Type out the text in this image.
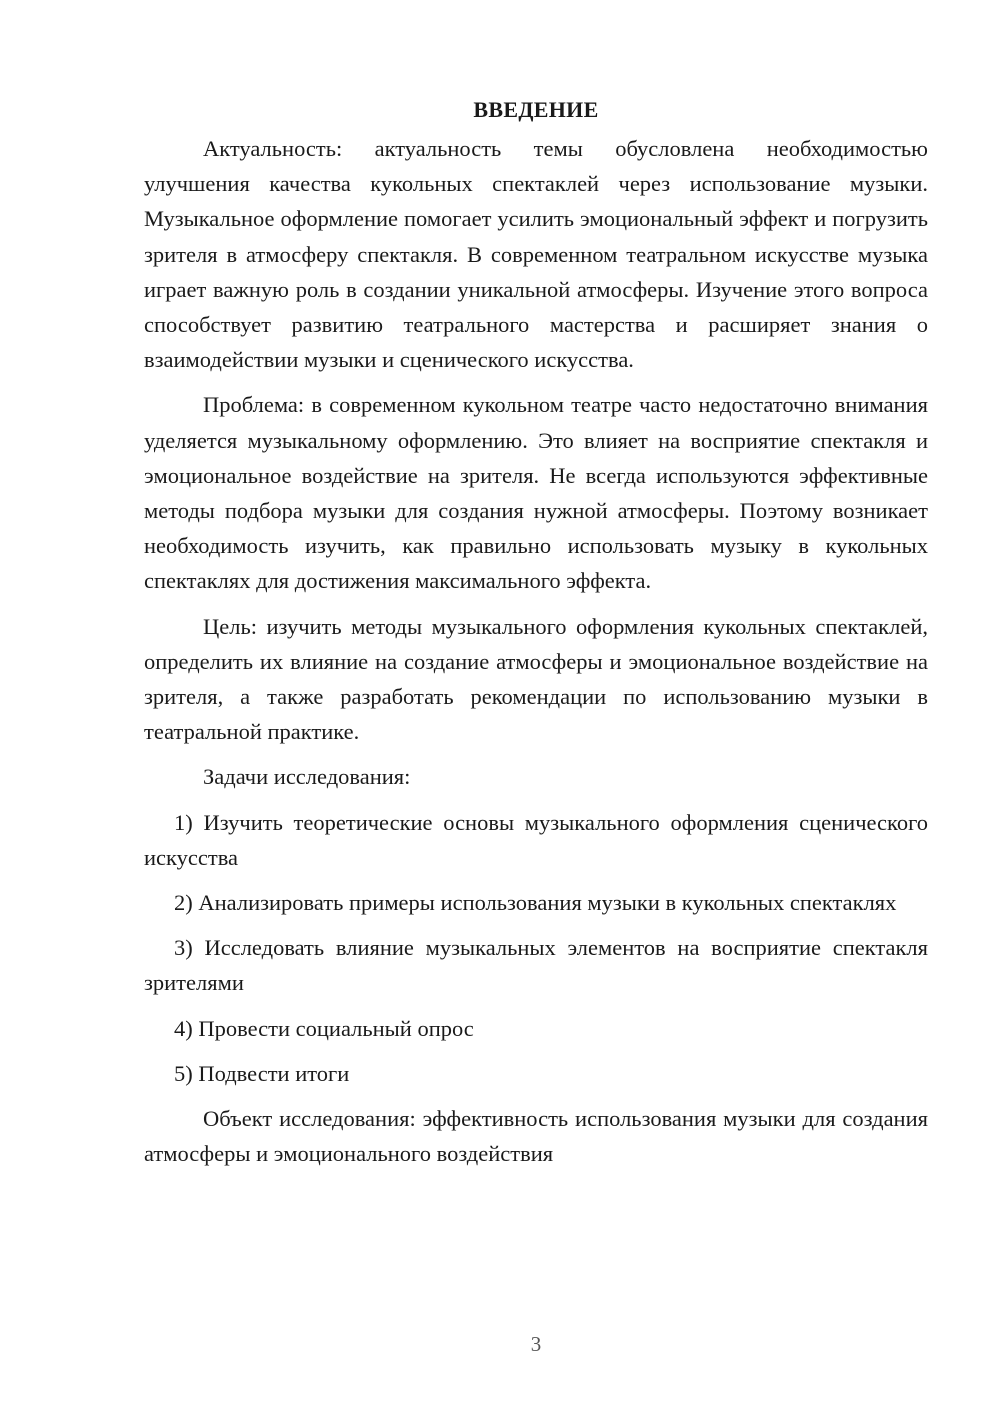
ВВЕДЕНИЕ

Актуальность: актуальность темы обусловлена необходимостью улучшения качества кукольных спектаклей через использование музыки. Музыкальное оформление помогает усилить эмоциональный эффект и погрузить зрителя в атмосферу спектакля. В современном театральном искусстве музыка играет важную роль в создании уникальной атмосферы. Изучение этого вопроса способствует развитию театрального мастерства и расширяет знания о взаимодействии музыки и сценического искусства.

Проблема: в современном кукольном театре часто недостаточно внимания уделяется музыкальному оформлению. Это влияет на восприятие спектакля и эмоциональное воздействие на зрителя. Не всегда используются эффективные методы подбора музыки для создания нужной атмосферы. Поэтому возникает необходимость изучить, как правильно использовать музыку в кукольных спектаклях для достижения максимального эффекта.

Цель: изучить методы музыкального оформления кукольных спектаклей, определить их влияние на создание атмосферы и эмоциональное воздействие на зрителя, а также разработать рекомендации по использованию музыки в театральной практике.

Задачи исследования:

1) Изучить теоретические основы музыкального оформления сценического искусства

2) Анализировать примеры использования музыки в кукольных спектаклях

3) Исследовать влияние музыкальных элементов на восприятие спектакля зрителями

4) Провести социальный опрос

5) Подвести итоги

Объект исследования: эффективность использования музыки для создания атмосферы и эмоционального воздействия

3
